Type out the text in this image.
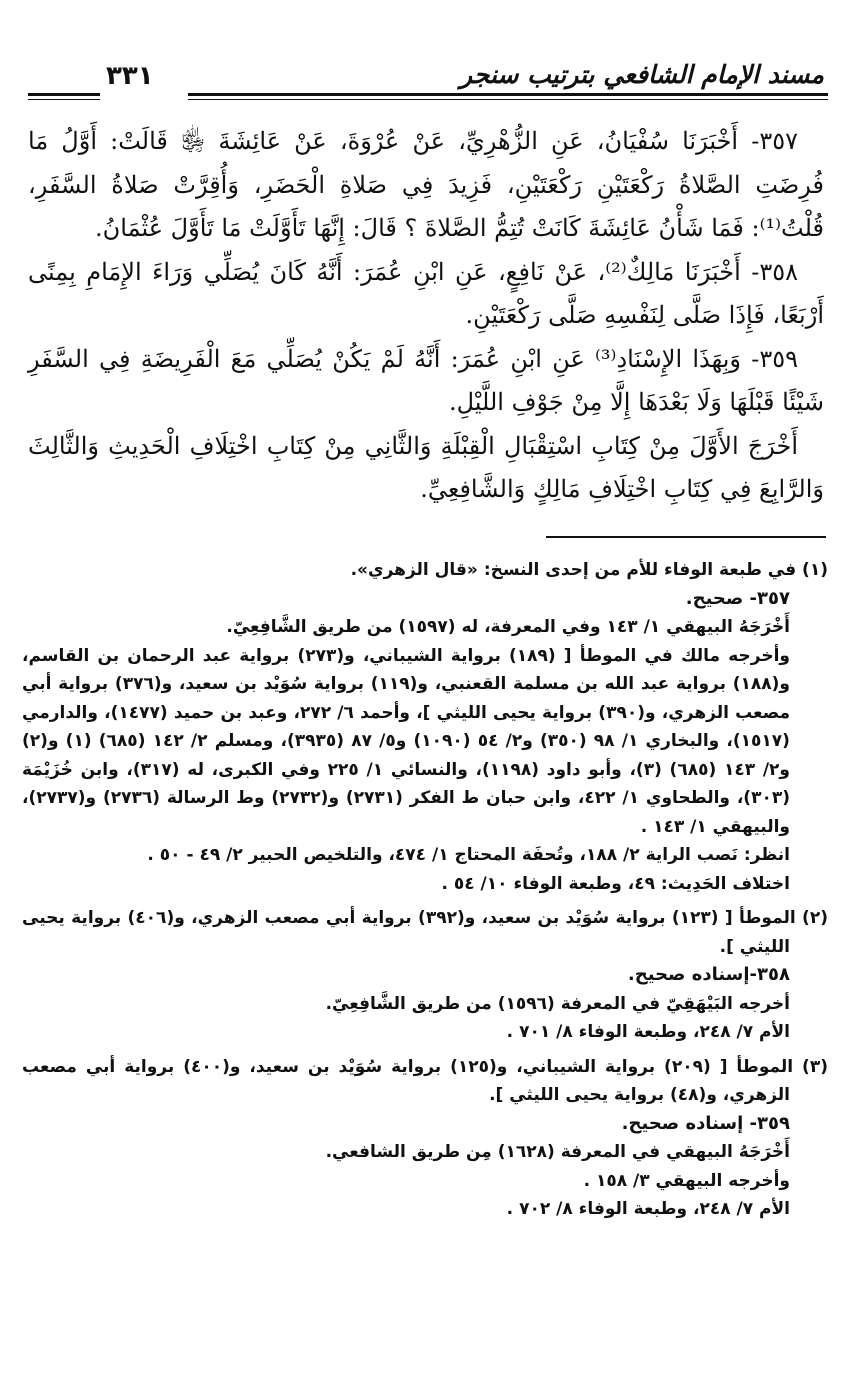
مسند الإمام الشافعي بترتيب سنجر
٣٣١

٣٥٧- أَخْبَرَنَا سُفْيَانُ، عَنِ الزُّهْرِيِّ، عَنْ عُرْوَةَ، عَنْ عَائِشَةَ ﵂ قَالَتْ: أَوَّلُ مَا فُرِضَتِ الصَّلاةُ رَكْعَتَيْنِ رَكْعَتَيْنِ، فَزِيدَ فِي صَلاةِ الْحَضَرِ، وَأُقِرَّتْ صَلاةُ السَّفَرِ، قُلْتُ⁽¹⁾: فَمَا شَأْنُ عَائِشَةَ كَانَتْ تُتِمُّ الصَّلاةَ ؟ قَالَ: إِنَّهَا تَأَوَّلَتْ مَا تَأَوَّلَ عُثْمَانُ.

٣٥٨- أَخْبَرَنَا مَالِكٌ⁽²⁾، عَنْ نَافِعٍ، عَنِ ابْنِ عُمَرَ: أَنَّهُ كَانَ يُصَلِّي وَرَاءَ الإِمَامِ بِمِنًى أَرْبَعًا، فَإِذَا صَلَّى لِنَفْسِهِ صَلَّى رَكْعَتَيْنِ.

٣٥٩- وَبِهَذَا الإِسْنَادِ⁽³⁾ عَنِ ابْنِ عُمَرَ: أَنَّهُ لَمْ يَكُنْ يُصَلِّي مَعَ الْفَرِيضَةِ فِي السَّفَرِ شَيْئًا قَبْلَهَا وَلَا بَعْدَهَا إِلَّا مِنْ جَوْفِ اللَّيْلِ.

أَخْرَجَ الأَوَّلَ مِنْ كِتَابِ اسْتِقْبَالِ الْقِبْلَةِ وَالثَّانِي مِنْ كِتَابِ اخْتِلَافِ الْحَدِيثِ وَالثَّالِثَ وَالرَّابِعَ فِي كِتَابِ اخْتِلَافِ مَالِكٍ وَالشَّافِعِيِّ.

(١) في طبعة الوفاء للأم من إحدى النسخ: «قال الزهري».

٣٥٧- صحيح.

أَخْرَجَهُ البيهقي ١/ ١٤٣ وفي المعرفة، له (١٥٩٧) من طريق الشَّافِعِيّ.

وأخرجه مالك في الموطأ [ (١٨٩) برواية الشيباني، و(٢٧٣) برواية عبد الرحمان بن القاسم، و(١٨٨) برواية عبد الله بن مسلمة القعنبي، و(١١٩) برواية سُوَيْد بن سعيد، و(٣٧٦) برواية أبي مصعب الزهري، و(٣٩٠) برواية يحيى الليثي ]، وأحمد ٦/ ٢٧٢، وعبد بن حميد (١٤٧٧)، والدارمي (١٥١٧)، والبخاري ١/ ٩٨ (٣٥٠) و٢/ ٥٤ (١٠٩٠) و٥/ ٨٧ (٣٩٣٥)، ومسلم ٢/ ١٤٢ (٦٨٥) (١) و(٢) و٢/ ١٤٣ (٦٨٥) (٣)، وأبو داود (١١٩٨)، والنسائي ١/ ٢٢٥ وفي الكبرى، له (٣١٧)، وابن خُزَيْمَة (٣٠٣)، والطحاوي ١/ ٤٢٢، وابن حبان ط الفكر (٢٧٣١) و(٢٧٣٢) وط الرسالة (٢٧٣٦) و(٢٧٣٧)، والبيهقي ١/ ١٤٣ .

انظر: نَصب الراية ٢/ ١٨٨، وتُحفَة المحتاج ١/ ٤٧٤، والتلخيص الحبير ٢/ ٤٩ - ٥٠ .

اختلاف الحَدِيث: ٤٩، وطبعة الوفاء ١٠/ ٥٤ .

(٢) الموطأ [ (١٢٣) برواية سُوَيْد بن سعيد، و(٣٩٢) برواية أبي مصعب الزهري، و(٤٠٦) برواية يحيى الليثي ].

٣٥٨-إسناده صحيح.

أخرجه البَيْهَقِيّ في المعرفة (١٥٩٦) من طريق الشَّافِعِيّ.

الأم ٧/ ٢٤٨، وطبعة الوفاء ٨/ ٧٠١ .

(٣) الموطأ [ (٢٠٩) برواية الشيباني، و(١٢٥) برواية سُوَيْد بن سعيد، و(٤٠٠) برواية أبي مصعب الزهري، و(٤٨) برواية يحيى الليثي ].

٣٥٩- إسناده صحيح.

أَخْرَجَهُ البيهقي في المعرفة (١٦٢٨) مِن طريق الشافعي.

وأخرجه البيهقي ٣/ ١٥٨ .

الأم ٧/ ٢٤٨، وطبعة الوفاء ٨/ ٧٠٢ .
